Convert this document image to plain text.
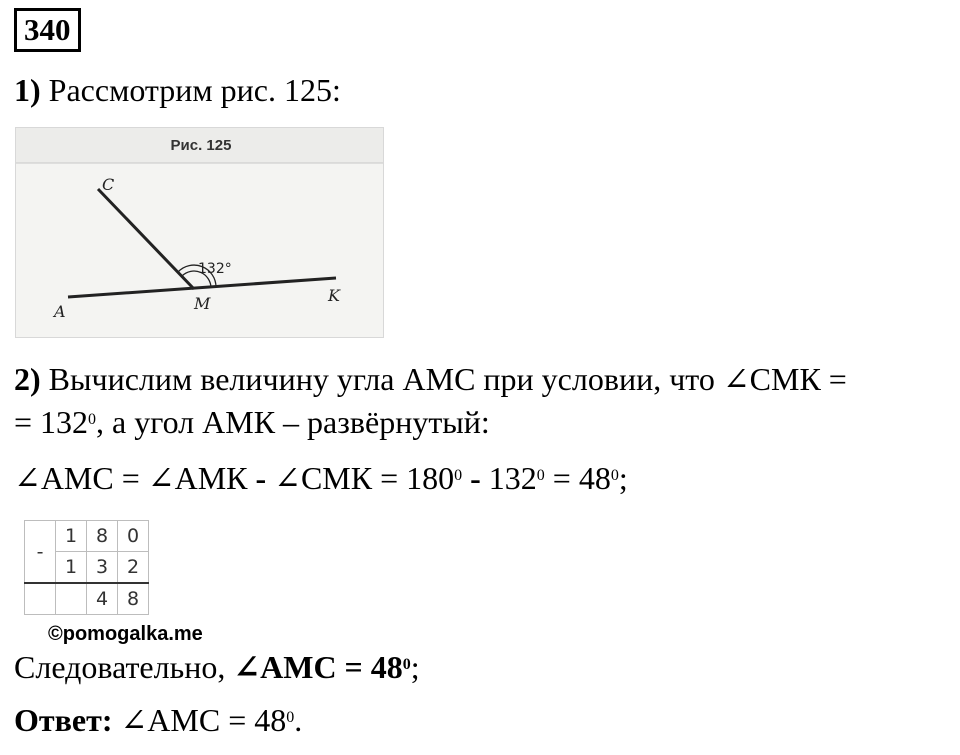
340
1) Рассмотрим рис. 125:
Рис. 125
C
132°
M
A
K
2) Вычислим величину угла АМС при условии, что ∠СМК =
= $132^0$, а угол АМК – развёрнутый:
∠АМС = ∠АМК - ∠СМК = $180^0 - 132^0 = 48^0$;
-	1	8	0
	1	3	2
		4	8
©pomogalka.me
Следовательно, ∠АМС = $48^0$;
Ответ: ∠АМС = $48^0$.
